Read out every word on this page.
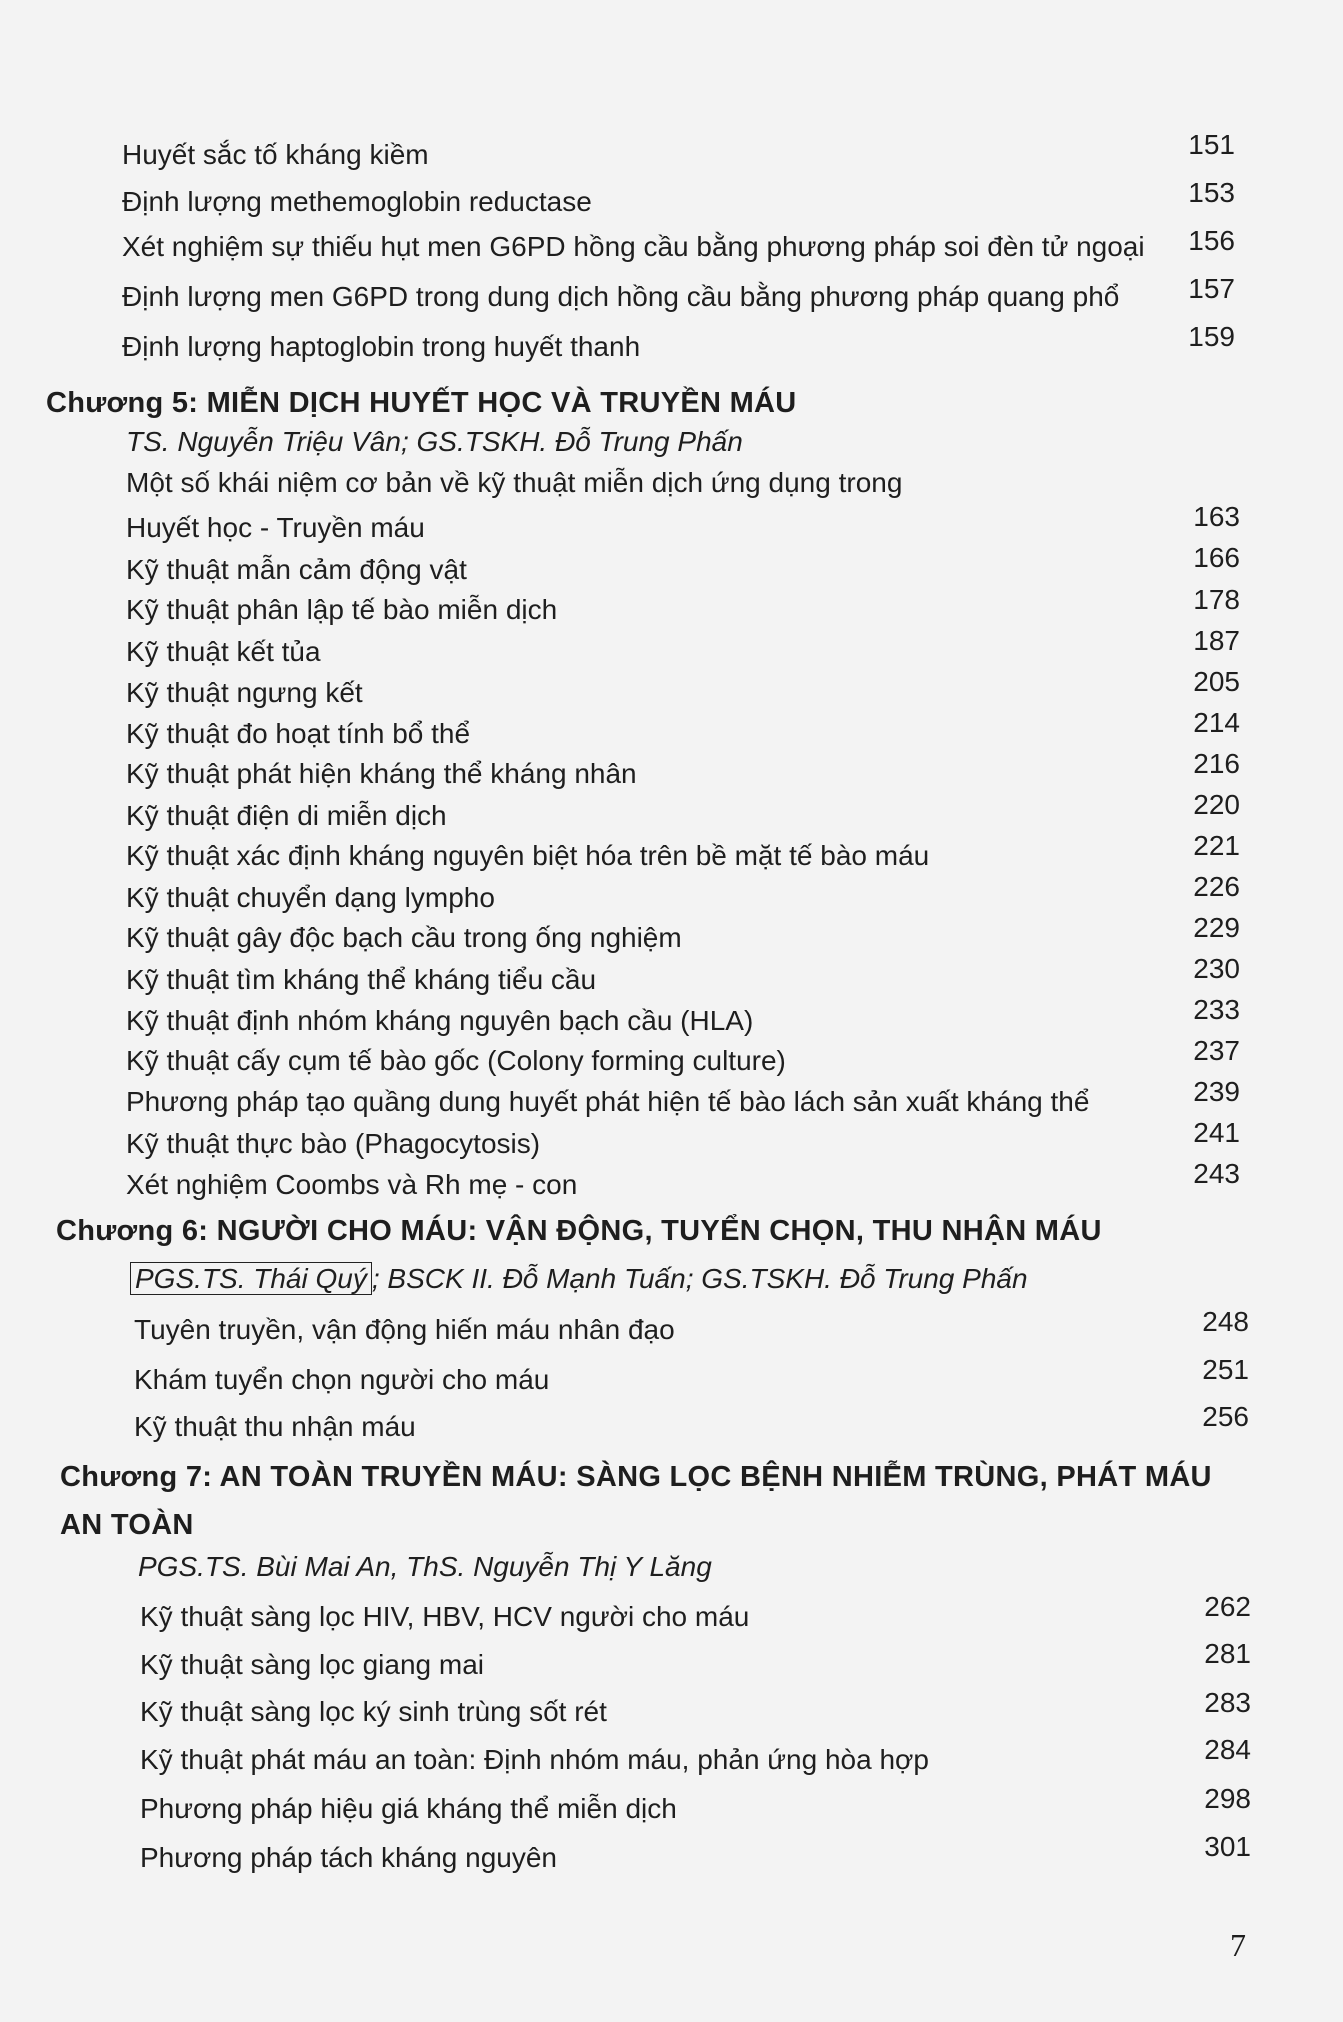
Huyết sắc tố kháng kiềm	151
Định lượng methemoglobin reductase	153
Xét nghiệm sự thiếu hụt men G6PD hồng cầu bằng phương pháp soi đèn tử ngoại	156
Định lượng men G6PD trong dung dịch hồng cầu bằng phương pháp quang phổ	157
Định lượng haptoglobin trong huyết thanh	159
Chương 5: MIỄN DỊCH HUYẾT HỌC VÀ TRUYỀN MÁU
TS. Nguyễn Triệu Vân; GS.TSKH. Đỗ Trung Phấn
Một số khái niệm cơ bản về kỹ thuật miễn dịch ứng dụng trong
Huyết học - Truyền máu	163
Kỹ thuật mẫn cảm động vật	166
Kỹ thuật phân lập tế bào miễn dịch	178
Kỹ thuật kết tủa	187
Kỹ thuật ngưng kết	205
Kỹ thuật đo hoạt tính bổ thể	214
Kỹ thuật phát hiện kháng thể kháng nhân	216
Kỹ thuật điện di miễn dịch	220
Kỹ thuật xác định kháng nguyên biệt hóa trên bề mặt tế bào máu	221
Kỹ thuật chuyển dạng lympho	226
Kỹ thuật gây độc bạch cầu trong ống nghiệm	229
Kỹ thuật tìm kháng thể kháng tiểu cầu	230
Kỹ thuật định nhóm kháng nguyên bạch cầu (HLA)	233
Kỹ thuật cấy cụm tế bào gốc (Colony forming culture)	237
Phương pháp tạo quầng dung huyết phát hiện tế bào lách sản xuất kháng thể	239
Kỹ thuật thực bào (Phagocytosis)	241
Xét nghiệm Coombs và Rh mẹ - con	243
Chương 6: NGƯỜI CHO MÁU: VẬN ĐỘNG, TUYỂN CHỌN, THU NHẬN MÁU
PGS.TS. Thái Quý ; BSCK II. Đỗ Mạnh Tuấn; GS.TSKH. Đỗ Trung Phấn
Tuyên truyền, vận động hiến máu nhân đạo	248
Khám tuyển chọn người cho máu	251
Kỹ thuật thu nhận máu	256
Chương 7: AN TOÀN TRUYỀN MÁU: SÀNG LỌC BỆNH NHIỄM TRÙNG, PHÁT MÁU
AN TOÀN
PGS.TS. Bùi Mai An, ThS. Nguyễn Thị Y Lăng
Kỹ thuật sàng lọc HIV, HBV, HCV người cho máu	262
Kỹ thuật sàng lọc giang mai	281
Kỹ thuật sàng lọc ký sinh trùng sốt rét	283
Kỹ thuật phát máu an toàn: Định nhóm máu, phản ứng hòa hợp	284
Phương pháp hiệu giá kháng thể miễn dịch	298
Phương pháp tách kháng nguyên	301
7
